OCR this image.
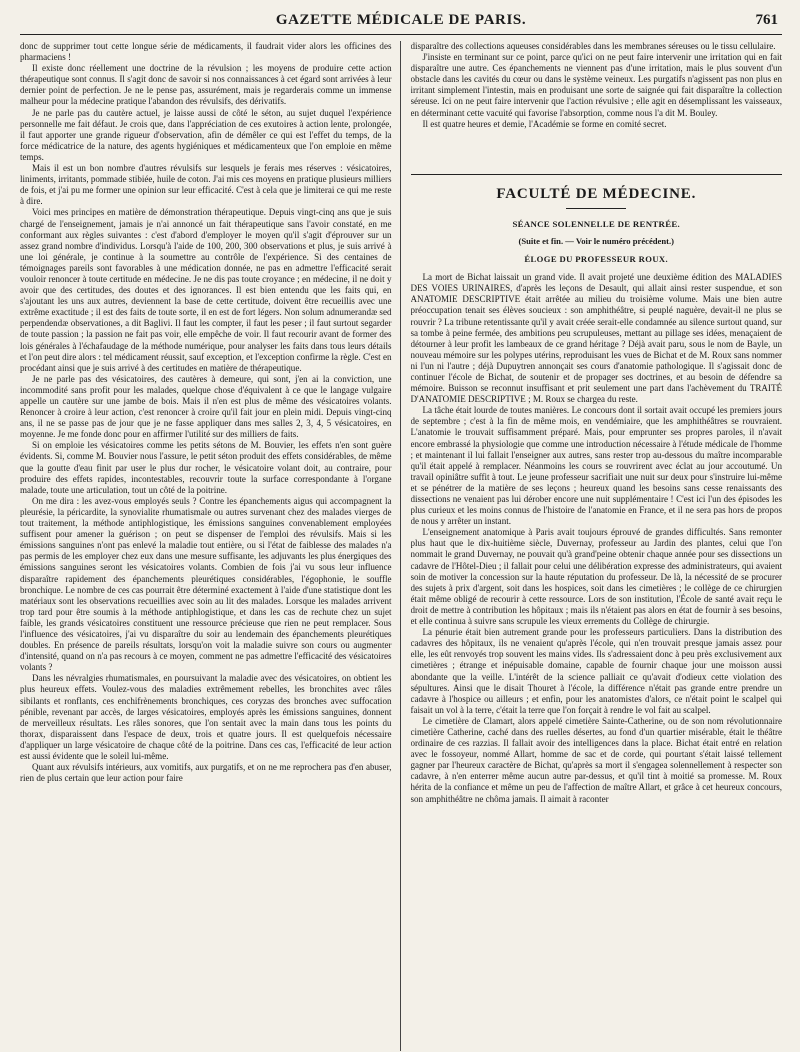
GAZETTE MÉDICALE DE PARIS.	761

donc de supprimer tout cette longue série de médicaments, il faudrait vider alors les officines des pharmaciens !

Il existe donc réellement une doctrine de la révulsion ; les moyens de produire cette action thérapeutique sont connus. Il s'agit donc de savoir si nos connaissances à cet égard sont arrivées à leur dernier point de perfection. Je ne le pense pas, assurément, mais je regarderais comme un immense malheur pour la médecine pratique l'abandon des révulsifs, des dérivatifs.

Je ne parle pas du cautère actuel, je laisse aussi de côté le séton, au sujet duquel l'expérience personnelle me fait défaut. Je crois que, dans l'appréciation de ces exutoires à action lente, prolongée, il faut apporter une grande rigueur d'observation, afin de démêler ce qui est l'effet du temps, de la force médicatrice de la nature, des agents hygiéniques et médicamenteux que l'on emploie en même temps.

Mais il est un bon nombre d'autres révulsifs sur lesquels je ferais mes réserves : vésicatoires, liniments, irritants, pommade stibiée, huile de coton. J'ai mis ces moyens en pratique plusieurs milliers de fois, et j'ai pu me former une opinion sur leur efficacité. C'est à cela que je limiterai ce qui me reste à dire.

Voici mes principes en matière de démonstration thérapeutique. Depuis vingt-cinq ans que je suis chargé de l'enseignement, jamais je n'ai annoncé un fait thérapeutique sans l'avoir constaté, en me conformant aux règles suivantes : c'est d'abord d'employer le moyen qu'il s'agit d'éprouver sur un assez grand nombre d'individus. Lorsqu'à l'aide de 100, 200, 300 observations et plus, je suis arrivé à une loi générale, je continue à la soumettre au contrôle de l'expérience. Si des centaines de témoignages pareils sont favorables à une médication donnée, ne pas en admettre l'efficacité serait vouloir renoncer à toute certitude en médecine. Je ne dis pas toute croyance ; en médecine, il ne doit y avoir que des certitudes, des doutes et des ignorances. Il est bien entendu que les faits qui, en s'ajoutant les uns aux autres, deviennent la base de cette certitude, doivent être recueillis avec une extrême exactitude ; il est des faits de toute sorte, il en est de fort légers. Non solum adnumerandæ sed perpendendæ observationes, a dit Baglivi. Il faut les compter, il faut les peser ; il faut surtout segarder de toute passion ; la passion ne fait pas voir, elle empêche de voir. Il faut recourir avant de former des lois générales à l'échafaudage de la méthode numérique, pour analyser les faits dans tous leurs détails et l'on peut dire alors : tel médicament réussit, sauf exception, et l'exception confirme la règle. C'est en procédant ainsi que je suis arrivé à des certitudes en matière de thérapeutique.

Je ne parle pas des vésicatoires, des cautères à demeure, qui sont, j'en ai la conviction, une incommodité sans profit pour les malades, quelque chose d'équivalent à ce que le langage vulgaire appelle un cautère sur une jambe de bois. Mais il n'en est plus de même des vésicatoires volants. Renoncer à croire à leur action, c'est renoncer à croire qu'il fait jour en plein midi. Depuis vingt-cinq ans, il ne se passe pas de jour que je ne fasse appliquer dans mes salles 2, 3, 4, 5 vésicatoires, en moyenne. Je me fonde donc pour en affirmer l'utilité sur des milliers de faits.

Si on emploie les vésicatoires comme les petits sétons de M. Bouvier, les effets n'en sont guère évidents. Si, comme M. Bouvier nous l'assure, le petit séton produit des effets considérables, de même que la goutte d'eau finit par user le plus dur rocher, le vésicatoire volant doit, au contraire, pour produire des effets rapides, incontestables, recouvrir toute la surface correspondante à l'organe malade, toute une articulation, tout un côté de la poitrine.

On me dira : les avez-vous employés seuls ? Contre les épanchements aigus qui accompagnent la pleurésie, la péricardite, la synovialite rhumatismale ou autres survenant chez des malades vierges de tout traitement, la méthode antiphlogistique, les émissions sanguines convenablement employées suffisent pour amener la guérison ; on peut se dispenser de l'emploi des révulsifs. Mais si les émissions sanguines n'ont pas enlevé la maladie tout entière, ou si l'état de faiblesse des malades n'a pas permis de les employer chez eux dans une mesure suffisante, les adjuvants les plus énergiques des émissions sanguines seront les vésicatoires volants. Combien de fois j'ai vu sous leur influence disparaître rapidement des épanchements pleurétiques considérables, l'égophonie, le souffle bronchique. Le nombre de ces cas pourrait être déterminé exactement à l'aide d'une statistique dont les matériaux sont les observations recueillies avec soin au lit des malades. Lorsque les malades arrivent trop tard pour être soumis à la méthode antiphlogistique, et dans les cas de rechute chez un sujet faible, les grands vésicatoires constituent une ressource précieuse que rien ne peut remplacer. Sous l'influence des vésicatoires, j'ai vu disparaître du soir au lendemain des épanchements pleurétiques doubles. En présence de pareils résultats, lorsqu'on voit la maladie suivre son cours ou augmenter d'intensité, quand on n'a pas recours à ce moyen, comment ne pas admettre l'efficacité des vésicatoires volants ?

Dans les névralgies rhumatismales, en poursuivant la maladie avec des vésicatoires, on obtient les plus heureux effets. Voulez-vous des maladies extrêmement rebelles, les bronchites avec râles sibilants et ronflants, ces enchifrènements bronchiques, ces coryzas des bronches avec suffocation pénible, revenant par accès, de larges vésicatoires, employés après les émissions sanguines, donnent de merveilleux résultats. Les râles sonores, que l'on sentait avec la main dans tous les points du thorax, disparaissent dans l'espace de deux, trois et quatre jours. Il est quelquefois nécessaire d'appliquer un large vésicatoire de chaque côté de la poitrine. Dans ces cas, l'efficacité de leur action est aussi évidente que le soleil lui-même.

Quant aux révulsifs intérieurs, aux vomitifs, aux purgatifs, et on ne me reprochera pas d'en abuser, rien de plus certain que leur action pour faire

disparaître des collections aqueuses considérables dans les membranes séreuses ou le tissu cellulaire.

J'insiste en terminant sur ce point, parce qu'ici on ne peut faire intervenir une irritation qui en fait disparaître une autre. Ces épanchements ne viennent pas d'une irritation, mais le plus souvent d'un obstacle dans les cavités du cœur ou dans le système veineux. Les purgatifs n'agissent pas non plus en irritant simplement l'intestin, mais en produisant une sorte de saignée qui fait disparaître la collection séreuse. Ici on ne peut faire intervenir que l'action révulsive ; elle agit en désemplissant les vaisseaux, en déterminant cette vacuité qui favorise l'absorption, comme nous l'a dit M. Bouley.

Il est quatre heures et demie, l'Académie se forme en comité secret.

FACULTÉ DE MÉDECINE.
SÉANCE SOLENNELLE DE RENTRÉE.
(Suite et fin. — Voir le numéro précédent.)
ÉLOGE DU PROFESSEUR ROUX.

La mort de Bichat laissait un grand vide. Il avait projeté une deuxième édition des MALADIES DES VOIES URINAIRES, d'après les leçons de Desault, qui allait ainsi rester suspendue, et son ANATOMIE DESCRIPTIVE était arrêtée au milieu du troisième volume. Mais une bien autre préoccupation tenait ses élèves soucieux : son amphithéâtre, si peuplé naguère, devait-il ne plus se rouvrir ? La tribune retentissante qu'il y avait créée serait-elle condamnée au silence surtout quand, sur sa tombe à peine fermée, des ambitions peu scrupuleuses, mettant au pillage ses idées, menaçaient de détourner à leur profit les lambeaux de ce grand héritage ? Déjà avait paru, sous le nom de Bayle, un nouveau mémoire sur les polypes utérins, reproduisant les vues de Bichat et de M. Roux sans nommer ni l'un ni l'autre ; déjà Dupuytren annonçait ses cours d'anatomie pathologique. Il s'agissait donc de continuer l'école de Bichat, de soutenir et de propager ses doctrines, et au besoin de défendre sa mémoire. Buisson se reconnut insuffisant et prit seulement une part dans l'achèvement du TRAITÉ D'ANATOMIE DESCRIPTIVE ; M. Roux se chargea du reste.

La tâche était lourde de toutes manières. Le concours dont il sortait avait occupé les premiers jours de septembre ; c'est à la fin de même mois, en vendémiaire, que les amphithéâtres se rouvraient. L'anatomie le trouvait suffisamment préparé. Mais, pour emprunter ses propres paroles, il n'avait encore embrassé la physiologie que comme une introduction nécessaire à l'étude médicale de l'homme ; et maintenant il lui fallait l'enseigner aux autres, sans rester trop au-dessous du maître incomparable qu'il était appelé à remplacer. Néanmoins les cours se rouvrirent avec éclat au jour accoutumé. Un travail opiniâtre suffit à tout. Le jeune professeur sacrifiait une nuit sur deux pour s'instruire lui-même et se pénétrer de la matière de ses leçons ; heureux quand les besoins sans cesse renaissants des dissections ne venaient pas lui dérober encore une nuit supplémentaire ! C'est ici l'un des épisodes les plus curieux et les moins connus de l'histoire de l'anatomie en France, et il ne sera pas hors de propos de nous y arrêter un instant.

L'enseignement anatomique à Paris avait toujours éprouvé de grandes difficultés. Sans remonter plus haut que le dix-huitième siècle, Duvernay, professeur au Jardin des plantes, celui que l'on nommait le grand Duvernay, ne pouvait qu'à grand'peine obtenir chaque année pour ses dissections un cadavre de l'Hôtel-Dieu ; il fallait pour celui une délibération expresse des administrateurs, qui avaient soin de motiver la concession sur la haute réputation du professeur. De là, la nécessité de se procurer des sujets à prix d'argent, soit dans les hospices, soit dans les cimetières ; le collège de ce chirurgien était même obligé de recourir à cette ressource. Lors de son institution, l'École de santé avait reçu le droit de mettre à contribution les hôpitaux ; mais ils n'étaient pas alors en état de fournir à ses besoins, et elle continua à suivre sans scrupule les vieux errements du Collège de chirurgie.

La pénurie était bien autrement grande pour les professeurs particuliers. Dans la distribution des cadavres des hôpitaux, ils ne venaient qu'après l'école, qui n'en trouvait presque jamais assez pour elle, les eût renvoyés trop souvent les mains vides. Ils s'adressaient donc à peu près exclusivement aux cimetières ; étrange et inépuisable domaine, capable de fournir chaque jour une moisson aussi abondante que la veille. L'intérêt de la science palliait ce qu'avait d'odieux cette violation des sépultures. Ainsi que le disait Thouret à l'école, la différence n'était pas grande entre prendre un cadavre à l'hospice ou ailleurs ; et enfin, pour les anatomistes d'alors, ce n'était point le scalpel qui faisait un vol à la terre, c'était la terre que l'on forçait à rendre le vol fait au scalpel.

Le cimetière de Clamart, alors appelé cimetière Sainte-Catherine, ou de son nom révolutionnaire cimetière Catherine, caché dans des ruelles désertes, au fond d'un quartier misérable, était le théâtre ordinaire de ces razzias. Il fallait avoir des intelligences dans la place. Bichat était entré en relation avec le fossoyeur, nommé Allart, homme de sac et de corde, qui pourtant s'était laissé tellement gagner par l'heureux caractère de Bichat, qu'après sa mort il s'engagea solennellement à respecter son cadavre, à n'en enterrer même aucun autre par-dessus, et qu'il tint à moitié sa promesse. M. Roux hérita de la confiance et même un peu de l'affection de maître Allart, et grâce à cet heureux concours, son amphithéâtre ne chôma jamais. Il aimait à raconter
